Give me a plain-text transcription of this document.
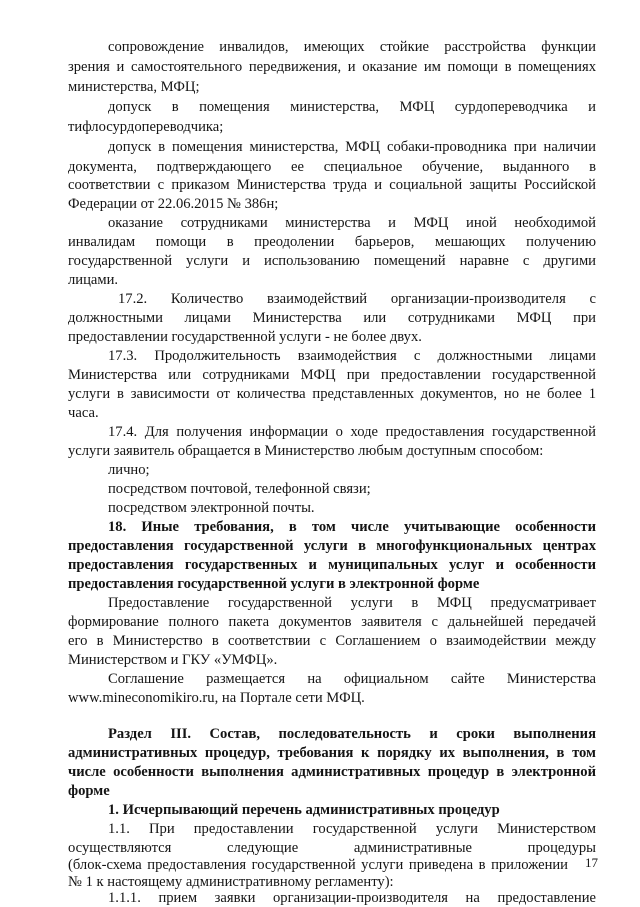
сопровождение инвалидов, имеющих стойкие расстройства функции
зрения и самостоятельного передвижения, и оказание им помощи в помещениях
министерства, МФЦ;
допуск в помещения министерства, МФЦ сурдопереводчика и
тифлосурдопереводчика;
допуск в помещения министерства, МФЦ собаки-проводника при наличии
документа, подтверждающего ее специальное обучение, выданного в
соответствии с приказом Министерства труда и социальной защиты Российской
Федерации от 22.06.2015 № 386н;
оказание сотрудниками министерства и МФЦ иной необходимой
инвалидам помощи в преодолении барьеров, мешающих получению
государственной услуги и использованию помещений наравне с другими
лицами.
17.2. Количество взаимодействий организации-производителя с
должностными лицами Министерства или сотрудниками МФЦ при
предоставлении государственной услуги - не более двух.
17.3. Продолжительность взаимодействия с должностными лицами
Министерства или сотрудниками МФЦ при предоставлении государственной
услуги в зависимости от количества представленных документов, но не более 1
часа.
17.4. Для получения информации о ходе предоставления государственной
услуги заявитель обращается в Министерство любым доступным способом:
лично;
посредством почтовой, телефонной связи;
посредством электронной почты.
18. Иные требования, в том числе учитывающие особенности
предоставления государственной услуги в многофункциональных центрах
предоставления государственных и муниципальных услуг и особенности
предоставления государственной услуги в электронной форме
Предоставление государственной услуги в МФЦ предусматривает
формирование полного пакета документов заявителя с дальнейшей передачей
его в Министерство в соответствии с Соглашением о взаимодействии между
Министерством и ГКУ «УМФЦ».
Соглашение размещается на официальном сайте Министерства
www.mineconomikiro.ru, на Портале сети МФЦ.
Раздел III. Состав, последовательность и сроки выполнения
административных процедур, требования к порядку их выполнения, в том
числе особенности выполнения административных процедур в электронной
форме
1. Исчерпывающий перечень административных процедур
1.1. При предоставлении государственной услуги Министерством
осуществляются следующие административные процедуры
(блок-схема предоставления государственной услуги приведена в приложении
№ 1 к настоящему административному регламенту):
1.1.1. прием заявки организации-производителя на предоставление
17
